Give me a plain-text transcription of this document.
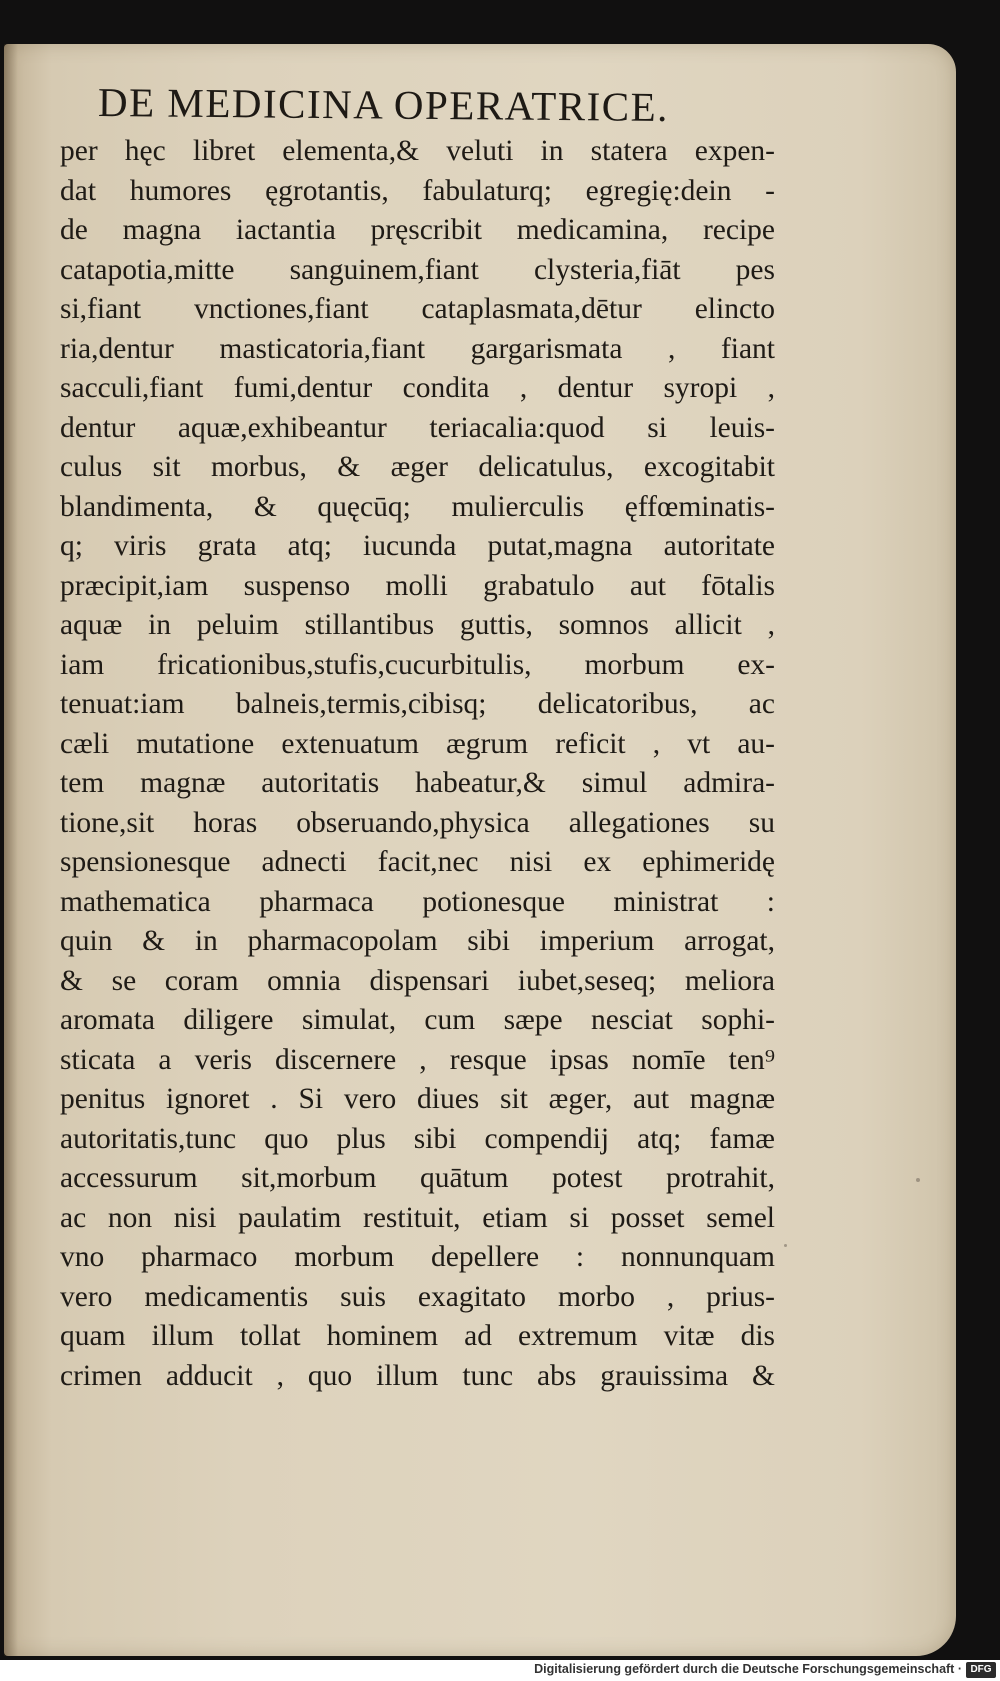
DE MEDICINA OPERATRICE.
per hęc libret elementa,& veluti in statera expen-
dat humores ęgrotantis, fabulaturq; egregię:dein -
de magna iactantia pręscribit medicamina, recipe
catapotia,mitte sanguinem,fiant clysteria,fiāt pes
si,fiant vnctiones,fiant cataplasmata,dētur elincto
ria,dentur masticatoria,fiant gargarismata , fiant
sacculi,fiant fumi,dentur condita , dentur syropi ,
dentur aquæ,exhibeantur teriacalia:quod si leuis-
culus sit morbus, & æger delicatulus, excogitabit
blandimenta, & quęcūq; mulierculis ęffœminatis-
q; viris grata atq; iucunda putat,magna autoritate
præcipit,iam suspenso molli grabatulo aut fōtalis
aquæ in peluim stillantibus guttis, somnos allicit ,
iam fricationibus,stufis,cucurbitulis, morbum ex-
tenuat:iam balneis,termis,cibisq; delicatoribus, ac
cæli mutatione extenuatum ægrum reficit , vt au-
tem magnæ autoritatis habeatur,& simul admira-
tione,sit horas obseruando,physica allegationes su
spensionesque adnecti facit,nec nisi ex ephimeridę
mathematica pharmaca potionesque ministrat :
quin & in pharmacopolam sibi imperium arrogat,
& se coram omnia dispensari iubet,seseq; meliora
aromata diligere simulat, cum sæpe nesciat sophi-
sticata a veris discernere , resque ipsas nomīe ten⁹
penitus ignoret . Si vero diues sit æger, aut magnæ
autoritatis,tunc quo plus sibi compendij atq; famæ
accessurum sit,morbum quātum potest protrahit,
ac non nisi paulatim restituit, etiam si posset semel
vno pharmaco morbum depellere : nonnunquam
vero medicamentis suis exagitato morbo , prius-
quam illum tollat hominem ad extremum vitæ dis
crimen adducit , quo illum tunc abs grauissima &
Digitalisierung gefördert durch die Deutsche Forschungsgemeinschaft · DFG
